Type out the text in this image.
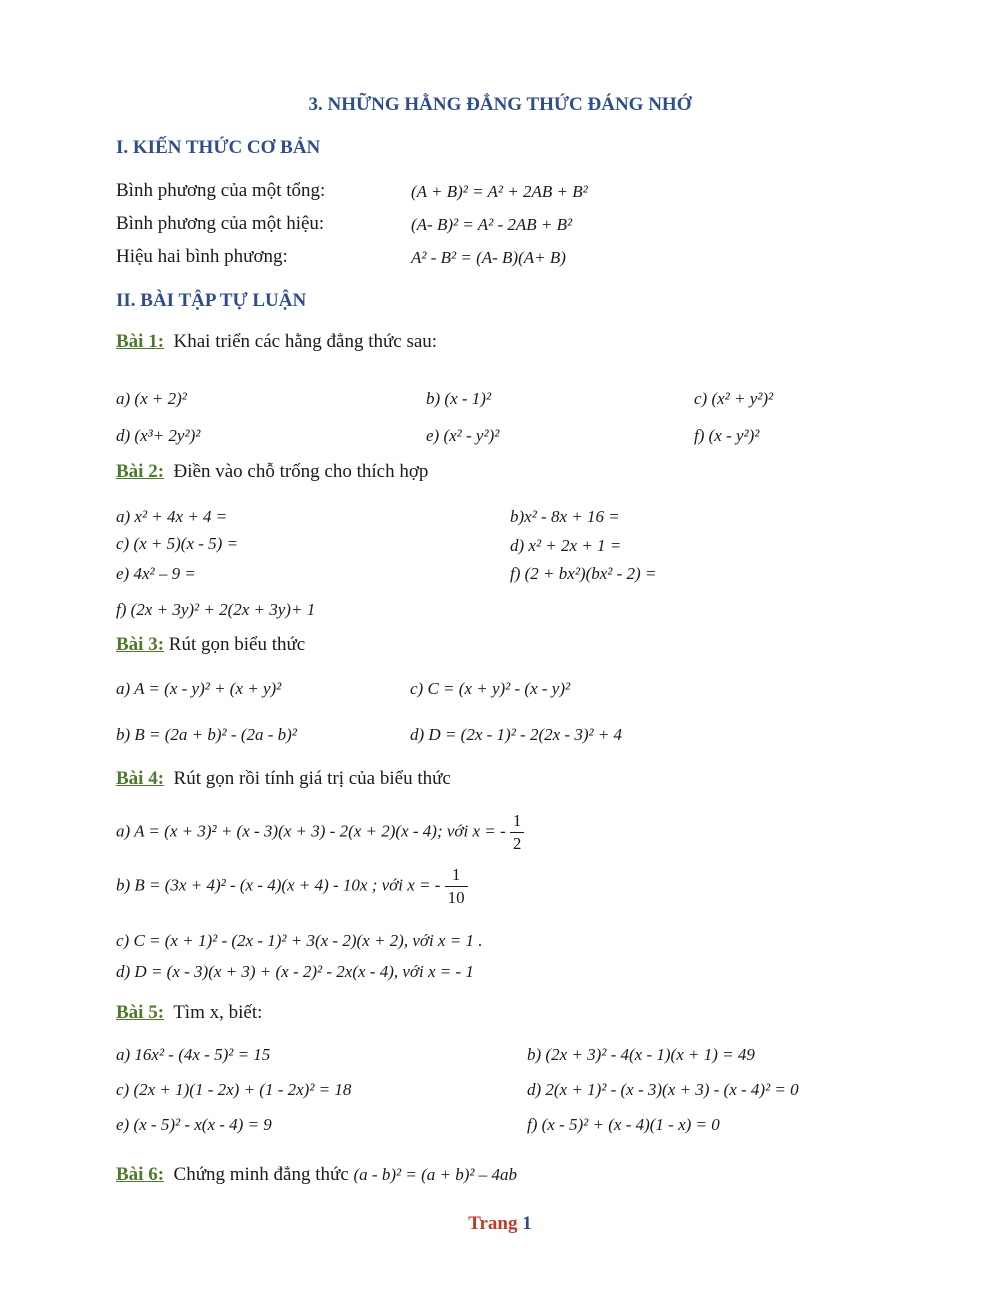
3. NHỮNG HẰNG ĐẲNG THỨC ĐÁNG NHỚ
I. KIẾN THỨC CƠ BẢN
Bình phương của một tổng:	(A + B)² = A² + 2AB + B²
Bình phương của một hiệu:	(A- B)² = A² - 2AB + B²
Hiệu hai bình phương:	A² - B² = (A- B)(A+ B)
II. BÀI TẬP TỰ LUẬN
Bài 1: Khai triển các hằng đẳng thức sau:
a) (x + 2)²	b) (x - 1)²	c) (x² + y²)²
d) (x³+ 2y²)²	e) (x² - y²)²	f) (x - y²)²
Bài 2: Điền vào chỗ trống cho thích hợp
a) x² + 4x + 4 =	b)x² - 8x + 16 =
c) (x + 5)(x - 5) =	d) x² + 2x + 1 =
e) 4x² – 9 =	f) (2 + bx²)(bx² - 2) =
f) (2x + 3y)² + 2(2x + 3y)+ 1
Bài 3: Rút gọn biểu thức
a) A = (x - y)² + (x + y)²	c) C = (x + y)² - (x - y)²
b) B = (2a + b)² - (2a - b)²	d) D = (2x - 1)² - 2(2x - 3)² + 4
Bài 4: Rút gọn rồi tính giá trị của biểu thức
a) A = (x + 3)² + (x - 3)(x + 3) - 2(x + 2)(x - 4); với x = - $\frac{1}{2}$
b) B = (3x + 4)² - (x - 4)(x + 4) - 10x ; với x = - $\frac{1}{10}$
c) C = (x + 1)² - (2x - 1)² + 3(x - 2)(x + 2), với x = 1 .
d) D = (x - 3)(x + 3) + (x - 2)² - 2x(x - 4), với x = - 1
Bài 5: Tìm x, biết:
a) 16x² - (4x - 5)² = 15	b) (2x + 3)² - 4(x - 1)(x + 1) = 49
c) (2x + 1)(1 - 2x) + (1 - 2x)² = 18	d) 2(x + 1)² - (x - 3)(x + 3) - (x - 4)² = 0
e) (x - 5)² - x(x - 4) = 9	f) (x - 5)² + (x - 4)(1 - x) = 0
Bài 6: Chứng minh đẳng thức (a - b)² = (a + b)² – 4ab
Trang 1
